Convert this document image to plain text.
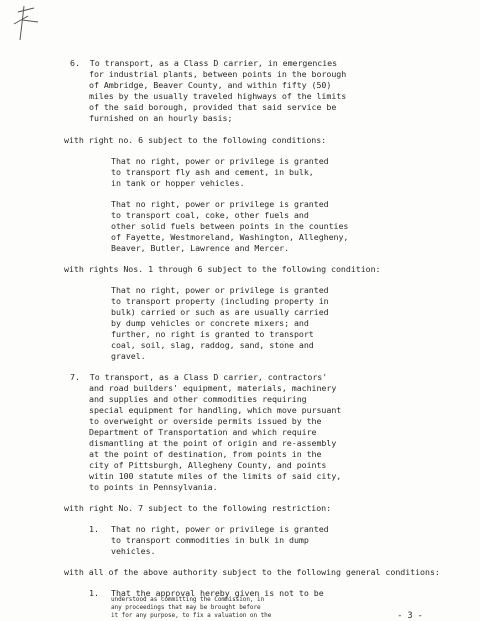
6.  To transport, as a Class D carrier, in emergencies
for industrial plants, between points in the borough
of Ambridge, Beaver County, and within fifty (50)
miles by the usually traveled highways of the limits
of the said borough, provided that said service be
furnished on an hourly basis;
with right no. 6 subject to the following conditions:
That no right, power or privilege is granted
to transport fly ash and cement, in bulk,
in tank or hopper vehicles.
That no right, power or privilege is granted
to transport coal, coke, other fuels and
other solid fuels between points in the counties
of Fayette, Westmoreland, Washington, Allegheny,
Beaver, Butler, Lawrence and Mercer.
with rights Nos. 1 through 6 subject to the following condition:
That no right, power or privilege is granted
to transport property (including property in
bulk) carried or such as are usually carried
by dump vehicles or concrete mixers; and
further, no right is granted to transport
coal, soil, slag, raddog, sand, stone and
gravel.
7.  To transport, as a Class D carrier, contractors'
and road builders' equipment, materials, machinery
and supplies and other commodities requiring
special equipment for handling, which move pursuant
to overweight or overside permits issued by the
Department of Transportation and which require
dismantling at the point of origin and re-assembly
at the point of destination, from points in the
city of Pittsburgh, Allegheny County, and points
witin 100 statute miles of the limits of said city,
to points in Pennsylvania.
with right No. 7 subject to the following restriction:
1. That no right, power or privilege is granted
to transport commodities in bulk in dump
vehicles.
with all of the above authority subject to the following general conditions:
1. That the approval hereby given is not to be
- 3 -
understood as committing the Commission, in
any proceedings that may be brought before
it for any purpose, to fix a valuation on the
